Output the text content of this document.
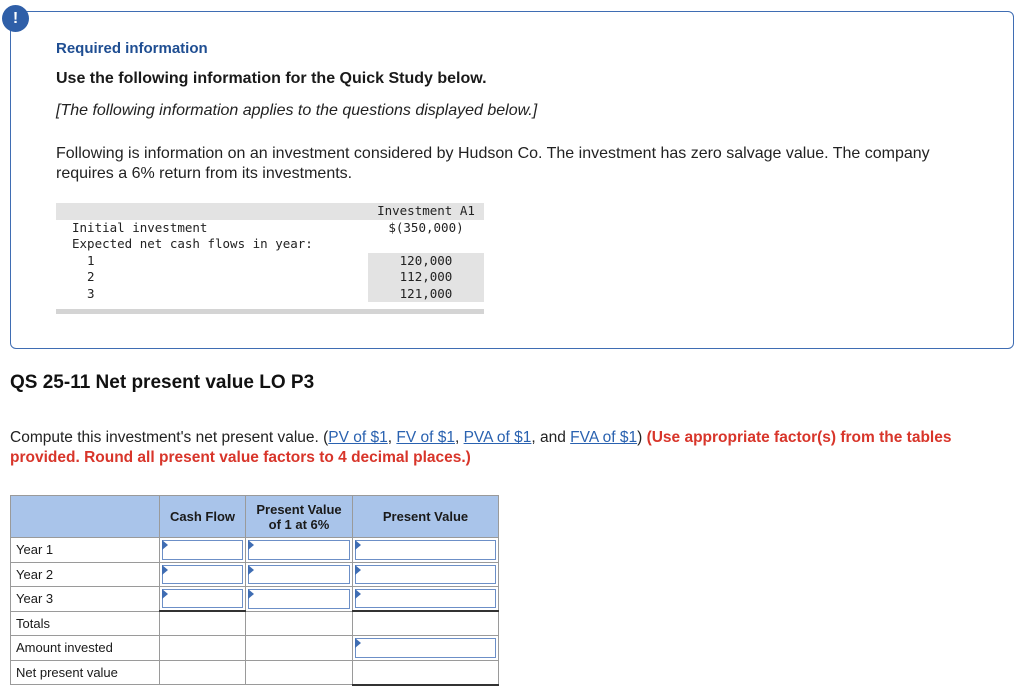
!
Required information
Use the following information for the Quick Study below.
[The following information applies to the questions displayed below.]
Following is information on an investment considered by Hudson Co. The investment has zero salvage value. The company requires a 6% return from its investments.
Investment A1
Initial investment	$(350,000)
Expected net cash flows in year:
1	120,000
2	112,000
3	121,000
QS 25-11 Net present value LO P3
Compute this investment's net present value. (PV of $1, FV of $1, PVA of $1, and FVA of $1) (Use appropriate factor(s) from the tables provided. Round all present value factors to 4 decimal places.)
	Cash Flow	Present Value of 1 at 6%	Present Value
Year 1	

Year 2	

Year 3	

Totals			
Amount invested			

Net present value			
